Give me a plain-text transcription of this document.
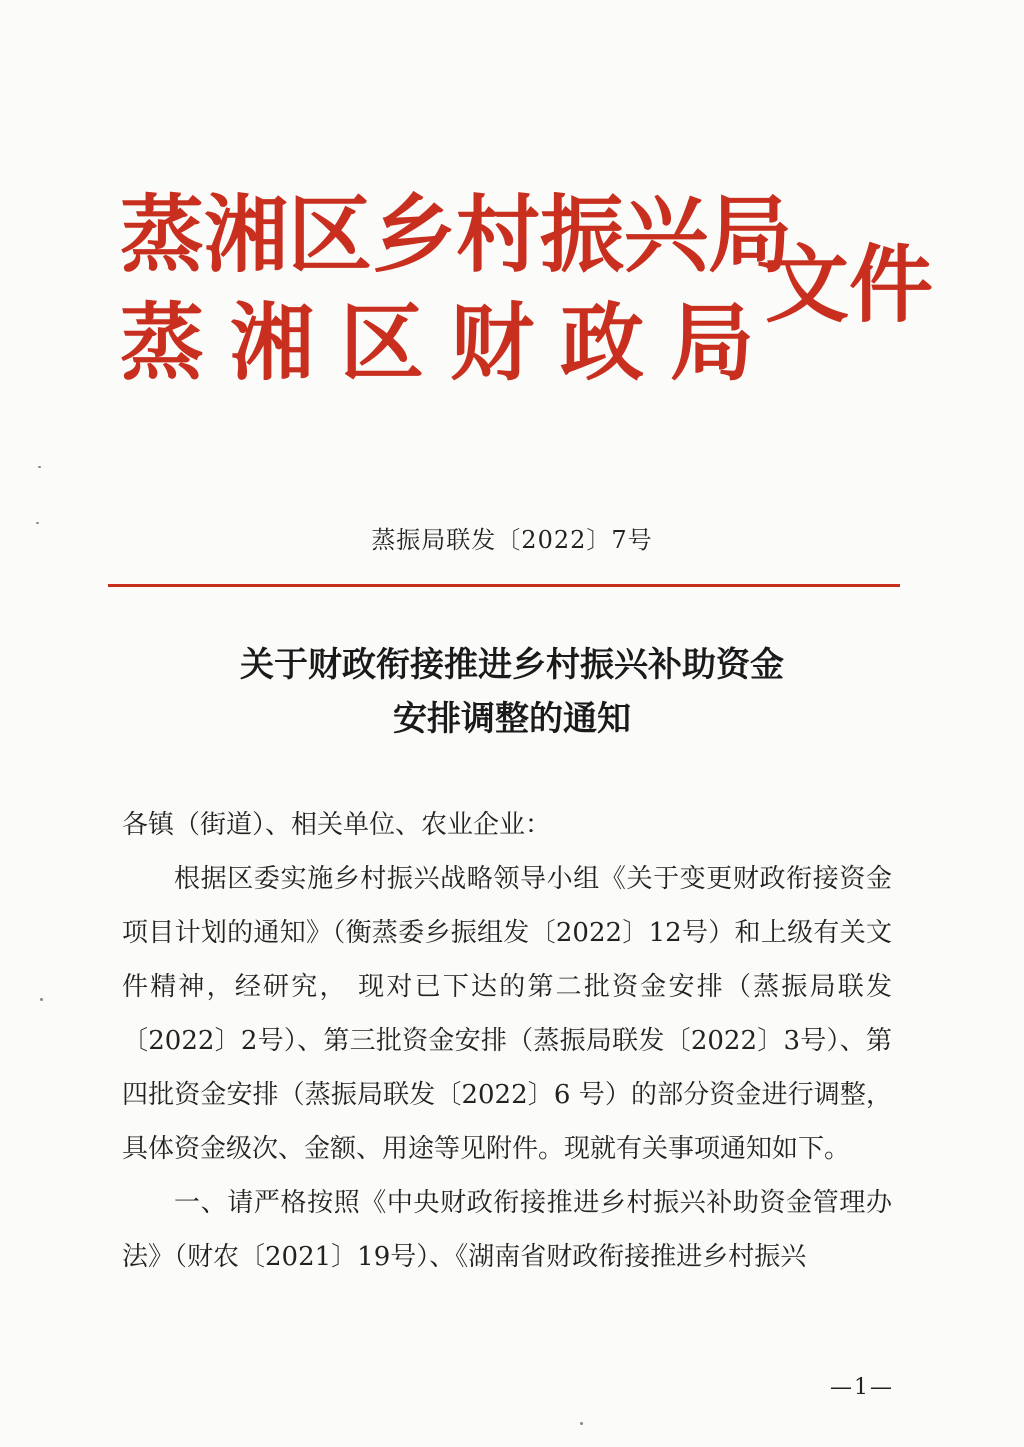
蒸湘区乡村振兴局
蒸湘区财政局
文件
蒸振局联发〔2022〕7号
关于财政衔接推进乡村振兴补助资金
安排调整的通知

各镇（街道）、相关单位、农业企业：

根据区委实施乡村振兴战略领导小组《关于变更财政衔接资金项目计划的通知》（衡蒸委乡振组发〔2022〕12号）和上级有关文件精神，经研究， 现对已下达的第二批资金安排（蒸振局联发〔2022〕2号）、第三批资金安排（蒸振局联发〔2022〕3号）、第四批资金安排（蒸振局联发〔2022〕6 号）的部分资金进行调整，具体资金级次、金额、用途等见附件。现就有关事项通知如下。

一、请严格按照《中央财政衔接推进乡村振兴补助资金管理办法》（财农〔2021〕19号）、《湖南省财政衔接推进乡村振兴

—1—
